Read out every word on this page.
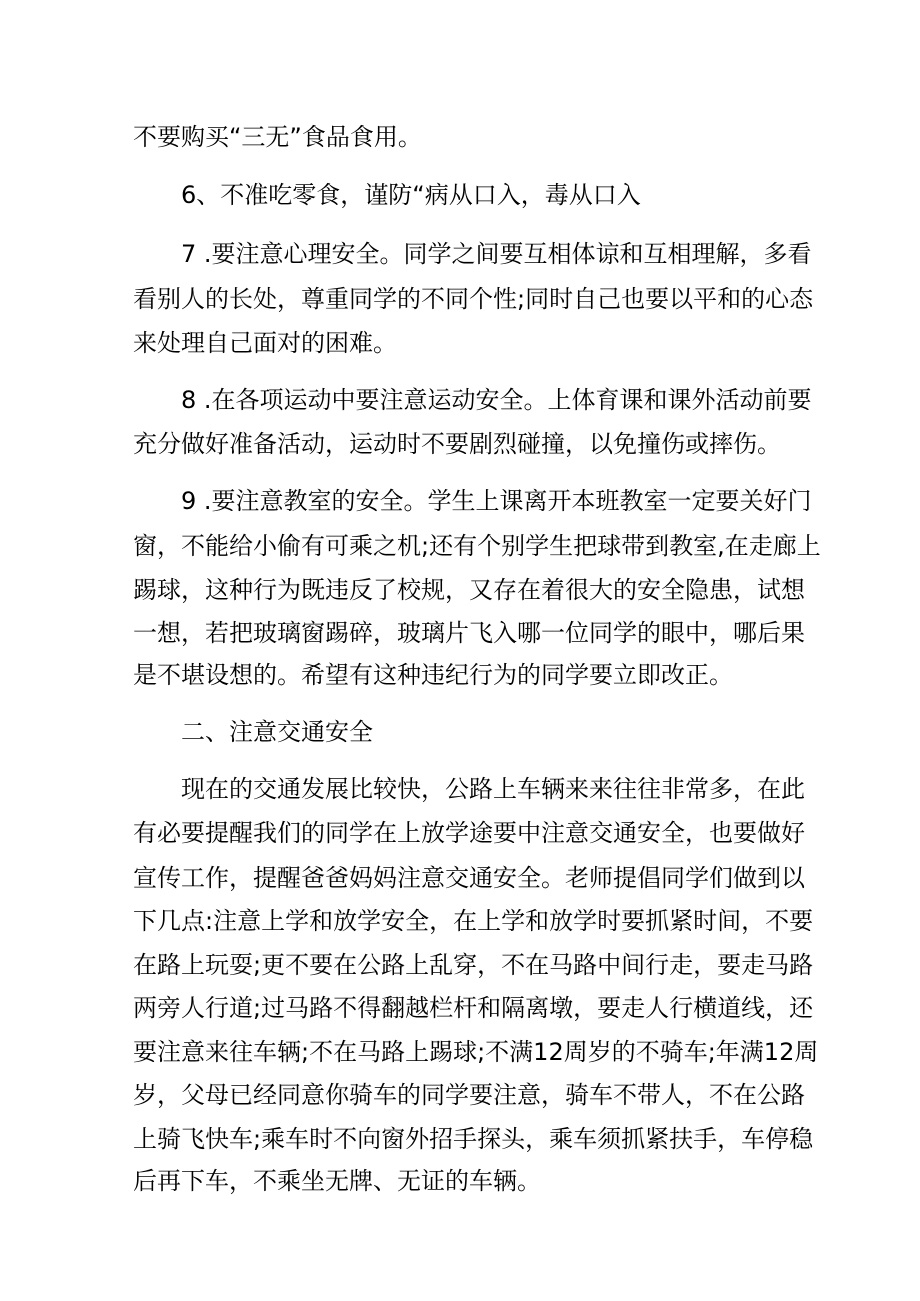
不要购买“三无”食品食用。
6、不准吃零食，谨防“病从口入，毒从口入
7 .要注意心理安全。同学之间要互相体谅和互相理解，多看
看别人的长处，尊重同学的不同个性;同时自己也要以平和的心态
来处理自己面对的困难。
8 .在各项运动中要注意运动安全。上体育课和课外活动前要
充分做好准备活动，运动时不要剧烈碰撞，以免撞伤或摔伤。
9 .要注意教室的安全。学生上课离开本班教室一定要关好门
窗，不能给小偷有可乘之机;还有个别学生把球带到教室,在走廊上
踢球，这种行为既违反了校规，又存在着很大的安全隐患，试想
一想，若把玻璃窗踢碎，玻璃片飞入哪一位同学的眼中，哪后果
是不堪设想的。希望有这种违纪行为的同学要立即改正。
二、注意交通安全
现在的交通发展比较快，公路上车辆来来往往非常多，在此
有必要提醒我们的同学在上放学途要中注意交通安全，也要做好
宣传工作，提醒爸爸妈妈注意交通安全。老师提倡同学们做到以
下几点:注意上学和放学安全，在上学和放学时要抓紧时间，不要
在路上玩耍;更不要在公路上乱穿，不在马路中间行走，要走马路
两旁人行道;过马路不得翻越栏杆和隔离墩，要走人行横道线，还
要注意来往车辆;不在马路上踢球;不满12周岁的不骑车;年满12周
岁，父母已经同意你骑车的同学要注意，骑车不带人，不在公路
上骑飞快车;乘车时不向窗外招手探头，乘车须抓紧扶手，车停稳
后再下车，不乘坐无牌、无证的车辆。
